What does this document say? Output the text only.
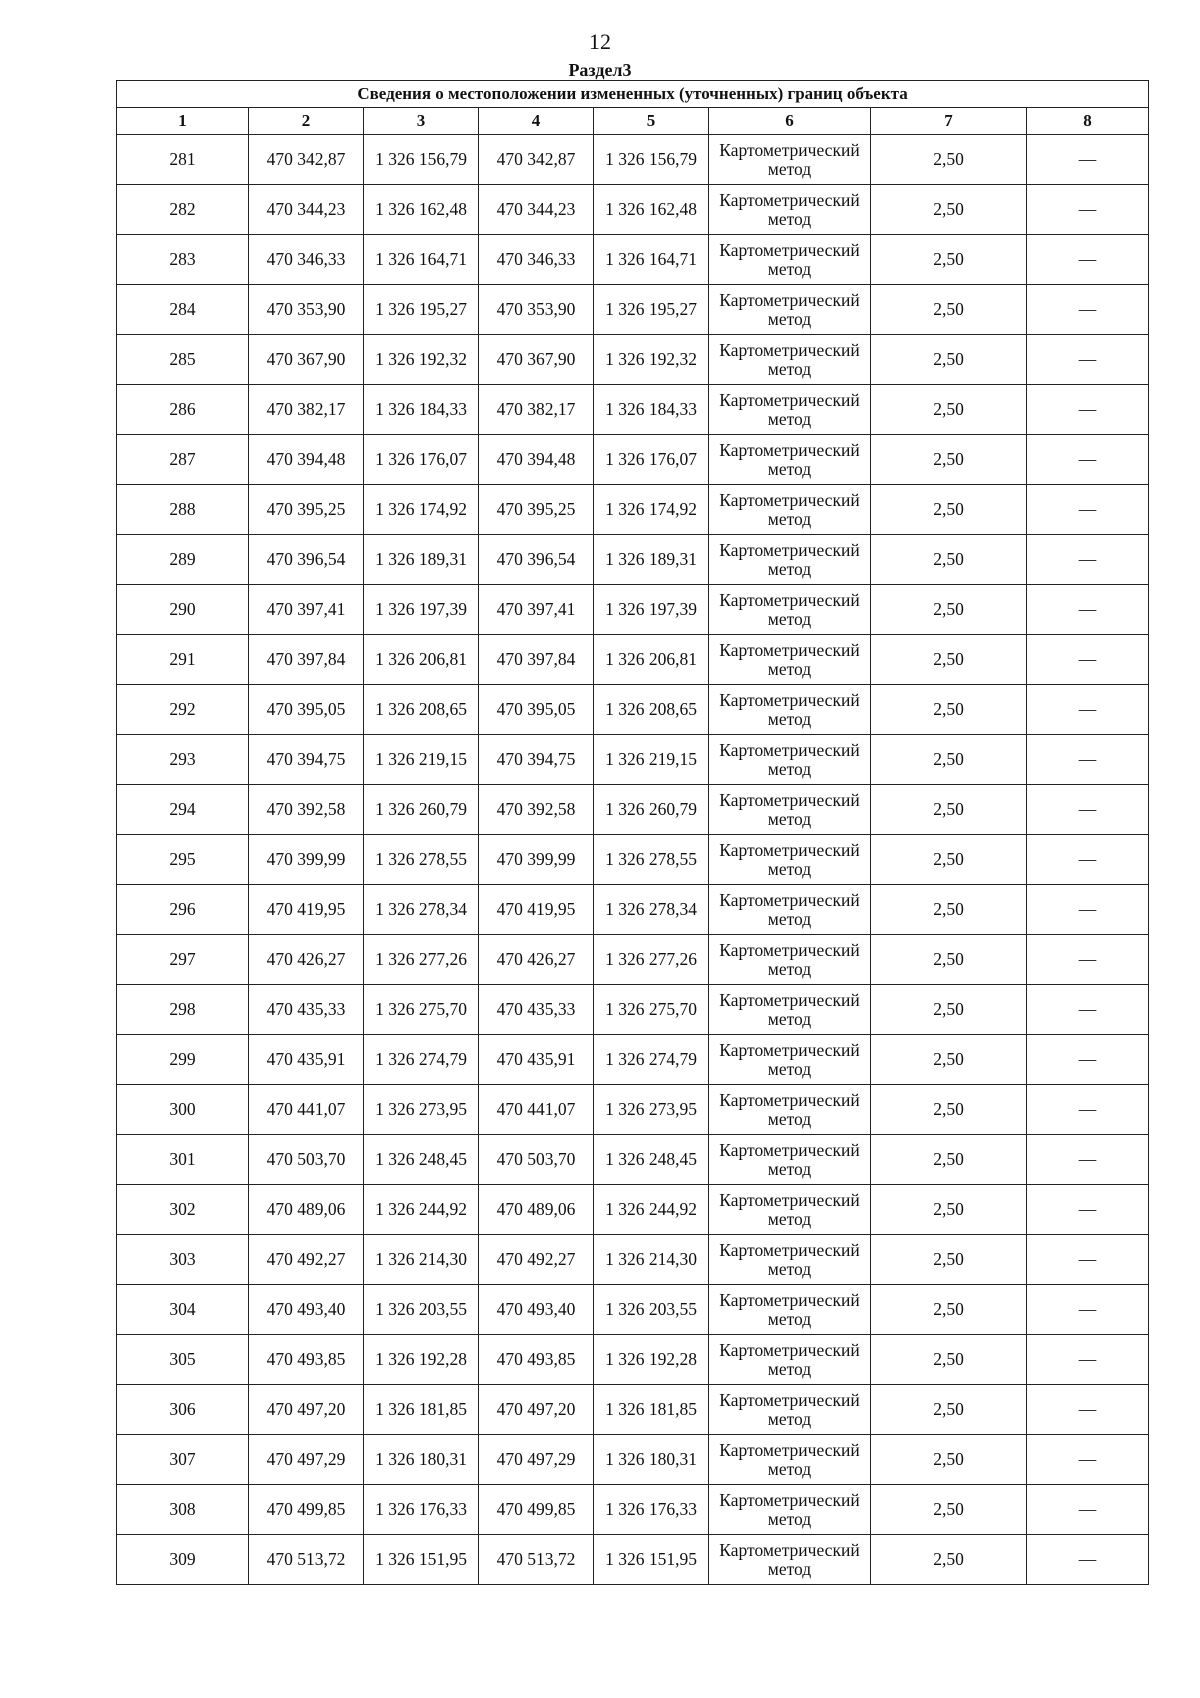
12
Раздел3
Сведения о местоположении измененных (уточненных) границ объекта							
1	2	3	4	5	6	7	8
281	470 342,87	1 326 156,79	470 342,87	1 326 156,79	Картометрический метод	2,50	—
282	470 344,23	1 326 162,48	470 344,23	1 326 162,48	Картометрический метод	2,50	—
283	470 346,33	1 326 164,71	470 346,33	1 326 164,71	Картометрический метод	2,50	—
284	470 353,90	1 326 195,27	470 353,90	1 326 195,27	Картометрический метод	2,50	—
285	470 367,90	1 326 192,32	470 367,90	1 326 192,32	Картометрический метод	2,50	—
286	470 382,17	1 326 184,33	470 382,17	1 326 184,33	Картометрический метод	2,50	—
287	470 394,48	1 326 176,07	470 394,48	1 326 176,07	Картометрический метод	2,50	—
288	470 395,25	1 326 174,92	470 395,25	1 326 174,92	Картометрический метод	2,50	—
289	470 396,54	1 326 189,31	470 396,54	1 326 189,31	Картометрический метод	2,50	—
290	470 397,41	1 326 197,39	470 397,41	1 326 197,39	Картометрический метод	2,50	—
291	470 397,84	1 326 206,81	470 397,84	1 326 206,81	Картометрический метод	2,50	—
292	470 395,05	1 326 208,65	470 395,05	1 326 208,65	Картометрический метод	2,50	—
293	470 394,75	1 326 219,15	470 394,75	1 326 219,15	Картометрический метод	2,50	—
294	470 392,58	1 326 260,79	470 392,58	1 326 260,79	Картометрический метод	2,50	—
295	470 399,99	1 326 278,55	470 399,99	1 326 278,55	Картометрический метод	2,50	—
296	470 419,95	1 326 278,34	470 419,95	1 326 278,34	Картометрический метод	2,50	—
297	470 426,27	1 326 277,26	470 426,27	1 326 277,26	Картометрический метод	2,50	—
298	470 435,33	1 326 275,70	470 435,33	1 326 275,70	Картометрический метод	2,50	—
299	470 435,91	1 326 274,79	470 435,91	1 326 274,79	Картометрический метод	2,50	—
300	470 441,07	1 326 273,95	470 441,07	1 326 273,95	Картометрический метод	2,50	—
301	470 503,70	1 326 248,45	470 503,70	1 326 248,45	Картометрический метод	2,50	—
302	470 489,06	1 326 244,92	470 489,06	1 326 244,92	Картометрический метод	2,50	—
303	470 492,27	1 326 214,30	470 492,27	1 326 214,30	Картометрический метод	2,50	—
304	470 493,40	1 326 203,55	470 493,40	1 326 203,55	Картометрический метод	2,50	—
305	470 493,85	1 326 192,28	470 493,85	1 326 192,28	Картометрический метод	2,50	—
306	470 497,20	1 326 181,85	470 497,20	1 326 181,85	Картометрический метод	2,50	—
307	470 497,29	1 326 180,31	470 497,29	1 326 180,31	Картометрический метод	2,50	—
308	470 499,85	1 326 176,33	470 499,85	1 326 176,33	Картометрический метод	2,50	—
309	470 513,72	1 326 151,95	470 513,72	1 326 151,95	Картометрический метод	2,50	—
